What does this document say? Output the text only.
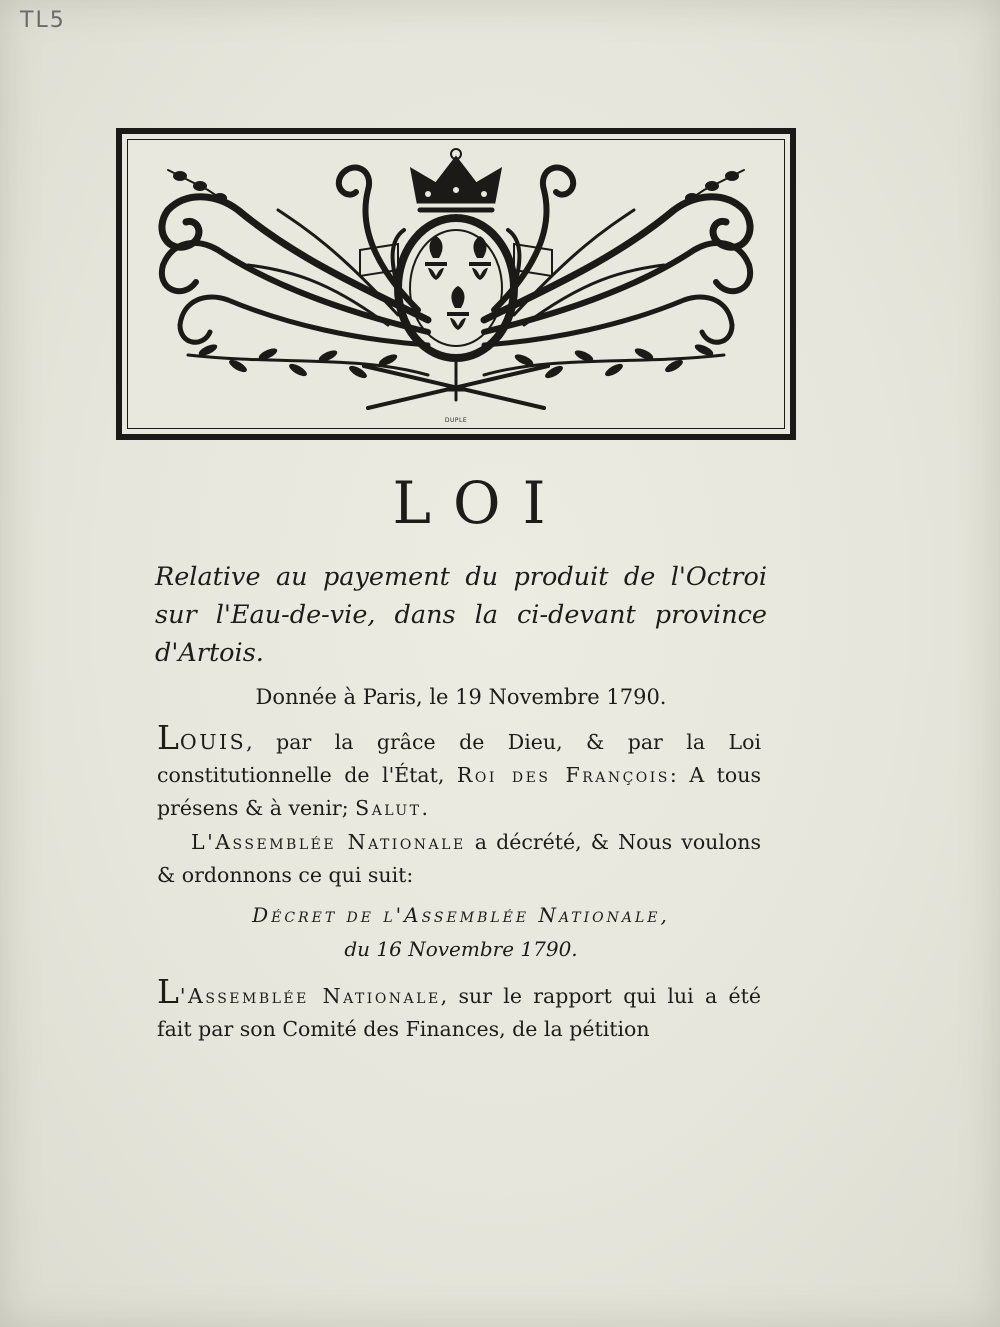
TL5
DUPLE
LOI
Relative au payement du produit de l'Octroi sur l'Eau-de-vie, dans la ci-devant province d'Artois.
Donnée à Paris, le 19 Novembre 1790.
LOUIS, par la grâce de Dieu, & par la Loi constitutionnelle de l'État, Roi des François: A tous présens & à venir; Salut.
L'Assemblée Nationale a décrété, & Nous voulons & ordonnons ce qui suit:
Décret de l'Assemblée Nationale,
du 16 Novembre 1790.
L'Assemblée Nationale, sur le rapport qui lui a été fait par son Comité des Finances, de la pétition
